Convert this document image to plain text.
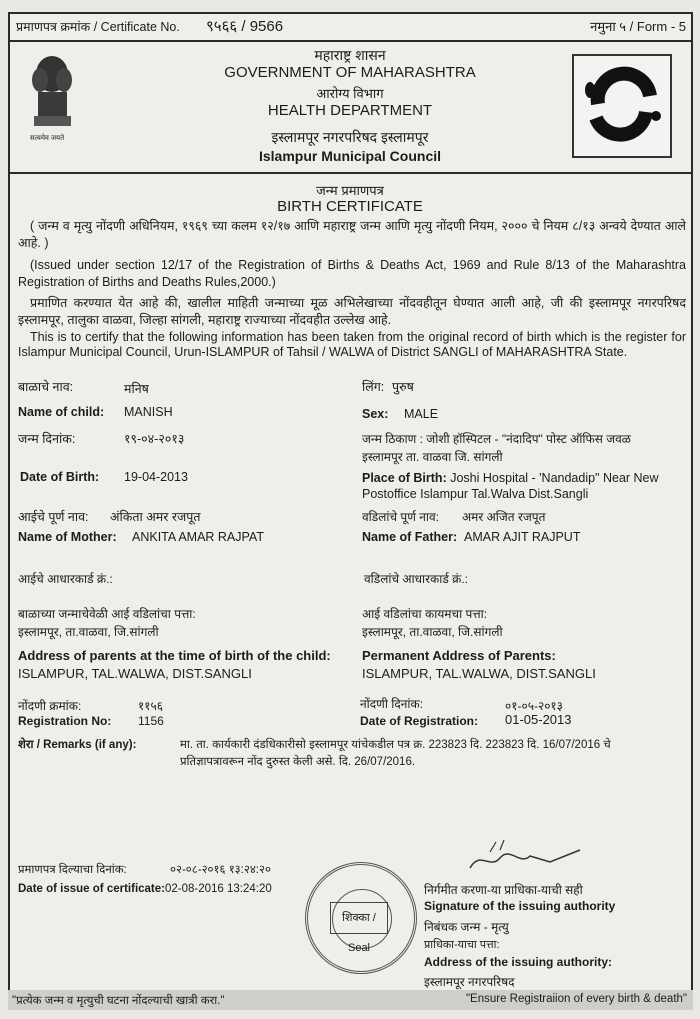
प्रमाणपत्र क्रमांक / Certificate No. ९५६६ / 9566	नमुना ५ / Form - 5
सत्यमेव जयते
महाराष्ट्र शासन
GOVERNMENT OF MAHARASHTRA
आरोग्य विभाग
HEALTH DEPARTMENT
इस्लामपूर नगरपरिषद इस्लामपूर
Islampur Municipal Council
जन्म प्रमाणपत्र
BIRTH CERTIFICATE
( जन्म व मृत्यु नोंदणी अधिनियम, १९६९ च्या कलम १२/१७ आणि महाराष्ट्र जन्म आणि मृत्यु नोंदणी नियम, २००० चे नियम ८/१३ अन्वये देण्यात आले आहे. )
(Issued under section 12/17 of the Registration of Births & Deaths Act, 1969 and Rule 8/13 of the Maharashtra Registration of Births and Deaths Rules,2000.)
प्रमाणित करण्यात येत आहे की, खालील माहिती जन्माच्या मूळ अभिलेखाच्या नोंदवहीतून घेण्यात आली आहे, जी की इस्लामपूर नगरपरिषद इस्लामपूर, तालुका वाळवा, जिल्हा सांगली, महाराष्ट्र राज्याच्या नोंदवहीत उल्लेख आहे.
This is to certify that the following information has been taken from the original record of birth which is the register for Islampur Municipal Council, Urun-ISLAMPUR of Tahsil / WALWA of District SANGLI of MAHARASHTRA State.
बाळाचे नाव:	मनिष
Name of child: MANISH
जन्म दिनांक:	१९-०४-२०१३
Date of Birth: 19-04-2013
आईचे पूर्ण नाव: अंकिता अमर रजपूत
Name of Mother: ANKITA AMAR RAJPAT
लिंग: पुरुष
Sex: MALE
जन्म ठिकाण : जोशी हॉस्पिटल - "नंदादिप" पोस्ट ऑफिस जवळ
इस्लामपूर ता. वाळवा जि. सांगली
Place of Birth: Joshi Hospital - 'Nandadip" Near New
Postoffice Islampur Tal.Walva Dist.Sangli
वडिलांचे पूर्ण नाव: अमर अजित रजपूत
Name of Father: AMAR AJIT RAJPUT
आईचे आधारकार्ड क्रं.:	वडिलांचे आधारकार्ड क्रं.:
बाळाच्या जन्माचेवेळी आई वडिलांचा पत्ता:
इस्लामपूर, ता.वाळवा, जि.सांगली
Address of parents at the time of birth of the child:
ISLAMPUR, TAL.WALWA, DIST.SANGLI
आई वडिलांचा कायमचा पत्ता:
इस्लामपूर, ता.वाळवा, जि.सांगली
Permanent Address of Parents:
ISLAMPUR, TAL.WALWA, DIST.SANGLI
नोंदणी क्रमांक:	११५६
Registration No: 1156
नोंदणी दिनांक:	०१-०५-२०१३
Date of Registration: 01-05-2013
शेरा / Remarks (if any):	मा. ता. कार्यकारी दंडधिकारीसो इस्लामपूर यांचेकडील पत्र क्र. 223823 दि. 223823 दि. 16/07/2016 चे
प्रतिज्ञापत्रावरून नोंद दुरुस्त केली असे. दि. 26/07/2016.
प्रमाणपत्र दिल्याचा दिनांक:	०२-०८-२०१६ १३:२४:२०
Date of issue of certificate:02-08-2016 13:24:20
शिक्का / Seal
निर्गमीत करणा-या प्राधिका-याची सही
Signature of the issuing authority
निबंधक जन्म - मृत्यु
प्राधिका-याचा पत्ता:
Address of the issuing authority:
इस्लामपूर नगरपरिषद
"प्रत्येक जन्म व मृत्युची घटना नोंदल्याची खात्री करा."	"Ensure Registraiion of every birth & death"
